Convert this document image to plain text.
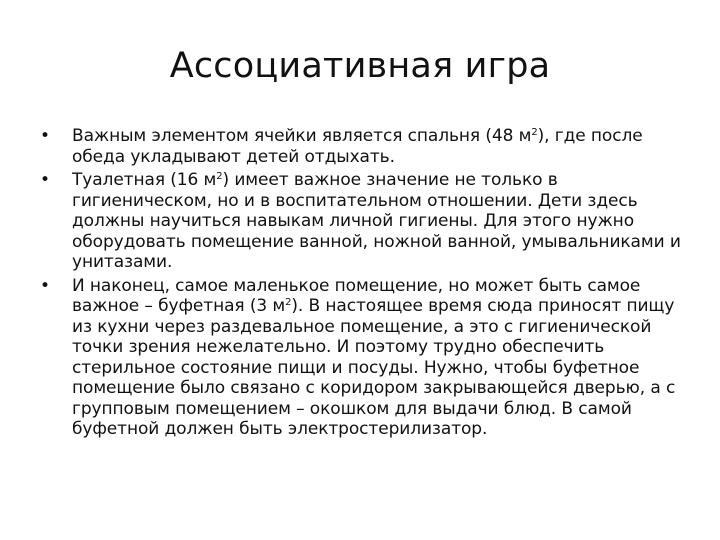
Ассоциативная игра
• Важным элементом ячейки является спальня (48 $м^2$), где после обеда укладывают детей отдыхать.
• Туалетная (16 $м^2$) имеет важное значение не только в гигиеническом, но и в воспитательном отношении. Дети здесь должны научиться навыкам личной гигиены. Для этого нужно оборудовать помещение ванной, ножной ванной, умывальниками и унитазами.
• И наконец, самое маленькое помещение, но может быть самое важное – буфетная (3 $м^2$). В настоящее время сюда приносят пищу из кухни через раздевальное помещение, а это с гигиенической точки зрения нежелательно. И поэтому трудно обеспечить стерильное состояние пищи и посуды. Нужно, чтобы буфетное помещение было связано с коридором закрывающейся дверью, а с групповым помещением – окошком для выдачи блюд. В самой буфетной должен быть электростерилизатор.
